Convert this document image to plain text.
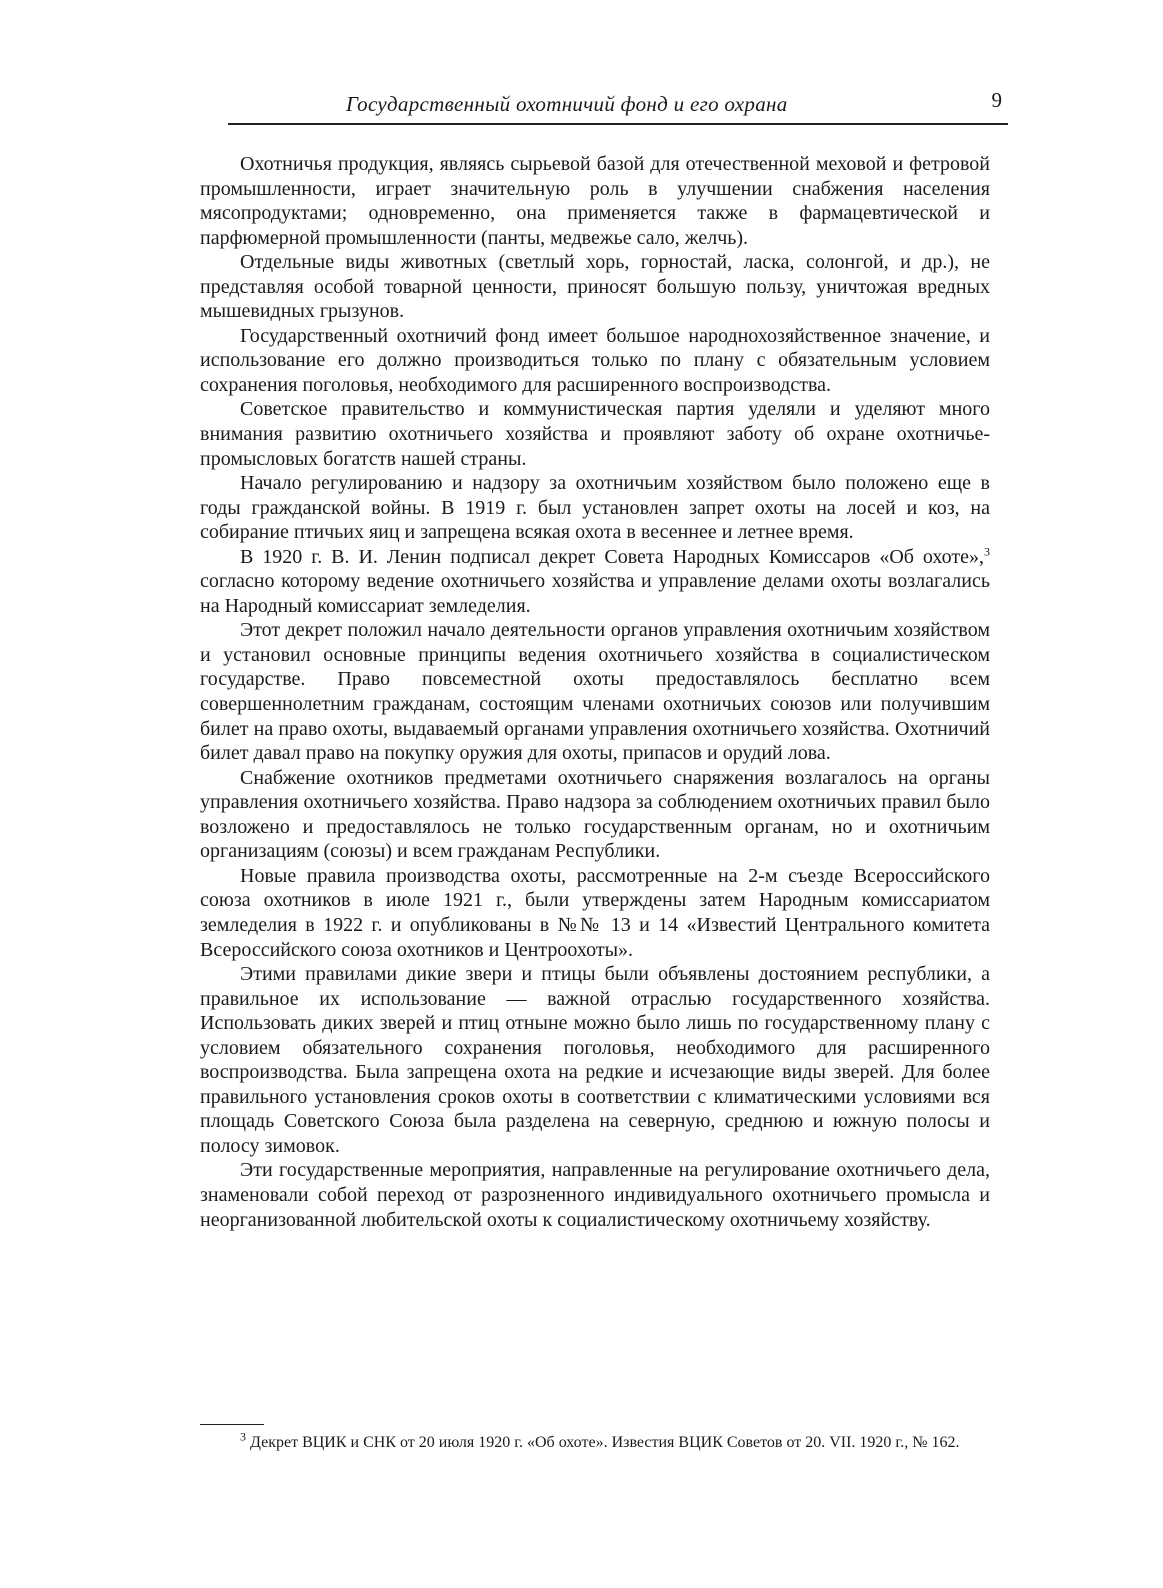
Государственный охотничий фонд и его охрана	9

Охотничья продукция, являясь сырьевой базой для отечественной меховой и фетровой промышленности, играет значительную роль в улучшении снабжения населения мясопродуктами; одновременно, она применяется также в фармацевтической и парфюмерной промышленности (панты, медвежье сало, желчь).

Отдельные виды животных (светлый хорь, горностай, ласка, солонгой, и др.), не представляя особой товарной ценности, приносят большую пользу, уничтожая вредных мышевидных грызунов.

Государственный охотничий фонд имеет большое народнохозяйственное значение, и использование его должно производиться только по плану с обязательным условием сохранения поголовья, необходимого для расширенного воспроизводства.

Советское правительство и коммунистическая партия уделяли и уделяют много внимания развитию охотничьего хозяйства и проявляют заботу об охране охотничье-промысловых богатств нашей страны.

Начало регулированию и надзору за охотничьим хозяйством было положено еще в годы гражданской войны. В 1919 г. был установлен запрет охоты на лосей и коз, на собирание птичьих яиц и запрещена всякая охота в весеннее и летнее время.

В 1920 г. В. И. Ленин подписал декрет Совета Народных Комиссаров «Об охоте»,$^3$ согласно которому ведение охотничьего хозяйства и управление делами охоты возлагались на Народный комиссариат земледелия.

Этот декрет положил начало деятельности органов управления охотничьим хозяйством и установил основные принципы ведения охотничьего хозяйства в социалистическом государстве. Право повсеместной охоты предоставлялось бесплатно всем совершеннолетним гражданам, состоящим членами охотничьих союзов или получившим билет на право охоты, выдаваемый органами управления охотничьего хозяйства. Охотничий билет давал право на покупку оружия для охоты, припасов и орудий лова.

Снабжение охотников предметами охотничьего снаряжения возлагалось на органы управления охотничьего хозяйства. Право надзора за соблюдением охотничьих правил было возложено и предоставлялось не только государственным органам, но и охотничьим организациям (союзы) и всем гражданам Республики.

Новые правила производства охоты, рассмотренные на 2-м съезде Всероссийского союза охотников в июле 1921 г., были утверждены затем Народным комиссариатом земледелия в 1922 г. и опубликованы в №№ 13 и 14 «Известий Центрального комитета Всероссийского союза охотников и Центроохоты».

Этими правилами дикие звери и птицы были объявлены достоянием республики, а правильное их использование — важной отраслью государственного хозяйства. Использовать диких зверей и птиц отныне можно было лишь по государственному плану с условием обязательного сохранения поголовья, необходимого для расширенного воспроизводства. Была запрещена охота на редкие и исчезающие виды зверей. Для более правильного установления сроков охоты в соответствии с климатическими условиями вся площадь Советского Союза была разделена на северную, среднюю и южную полосы и полосу зимовок.

Эти государственные мероприятия, направленные на регулирование охотничьего дела, знаменовали собой переход от разрозненного индивидуального охотничьего промысла и неорганизованной любительской охоты к социалистическому охотничьему хозяйству.

$^3$ Декрет ВЦИК и СНК от 20 июля 1920 г. «Об охоте». Известия ВЦИК Советов от 20. VII. 1920 г., № 162.
